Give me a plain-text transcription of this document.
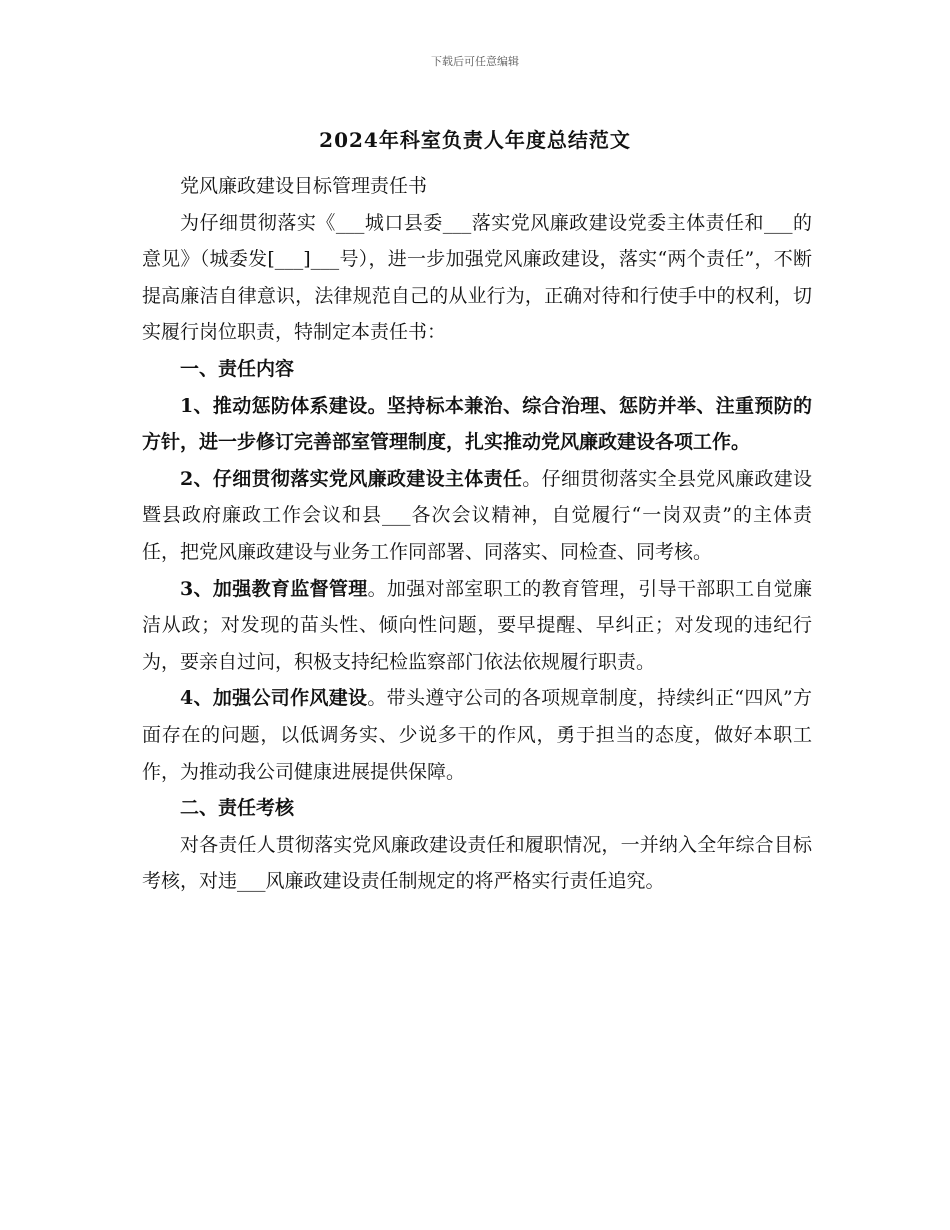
下载后可任意编辑
2024年科室负责人年度总结范文

党风廉政建设目标管理责任书

为仔细贯彻落实《___城口县委___落实党风廉政建设党委主体责任和___的意见》（城委发[___]___号），进一步加强党风廉政建设，落实“两个责任”，不断提高廉洁自律意识，法律规范自己的从业行为，正确对待和行使手中的权利，切实履行岗位职责，特制定本责任书：

一、责任内容

1、推动惩防体系建设。坚持标本兼治、综合治理、惩防并举、注重预防的方针，进一步修订完善部室管理制度，扎实推动党风廉政建设各项工作。

2、仔细贯彻落实党风廉政建设主体责任。仔细贯彻落实全县党风廉政建设暨县政府廉政工作会议和县___各次会议精神，自觉履行“一岗双责”的主体责任，把党风廉政建设与业务工作同部署、同落实、同检查、同考核。

3、加强教育监督管理。加强对部室职工的教育管理，引导干部职工自觉廉洁从政；对发现的苗头性、倾向性问题，要早提醒、早纠正；对发现的违纪行为，要亲自过问，积极支持纪检监察部门依法依规履行职责。

4、加强公司作风建设。带头遵守公司的各项规章制度，持续纠正“四风”方面存在的问题，以低调务实、少说多干的作风，勇于担当的态度，做好本职工作，为推动我公司健康进展提供保障。

二、责任考核

对各责任人贯彻落实党风廉政建设责任和履职情况，一并纳入全年综合目标考核，对违___风廉政建设责任制规定的将严格实行责任追究。
